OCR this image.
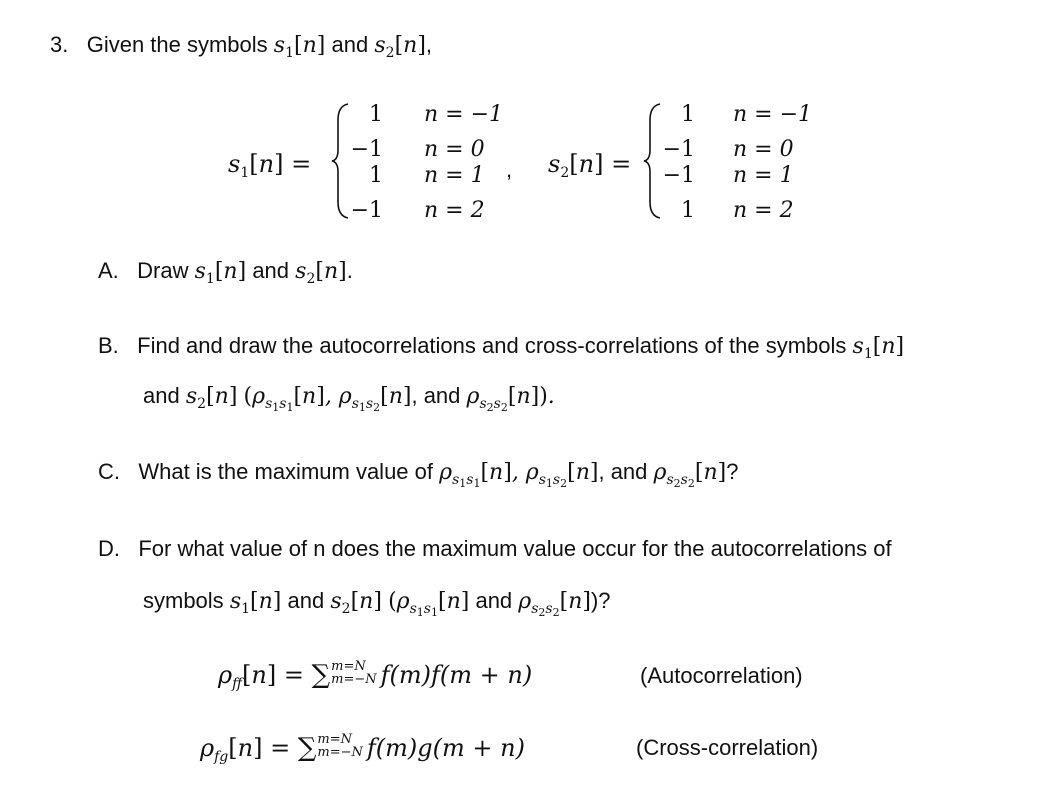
3. Given the symbols $s_1[n]$ and $s_2[n]$,
$s_1[n]$ =
1
−1
1
−1
n = −1
n = 0
n = 1
n = 2
, $s_2[n]$ =
1
−1
−1
1
n = −1
n = 0
n = 1
n = 2
A. Draw $s_1[n]$ and $s_2[n]$.
B. Find and draw the autocorrelations and cross-correlations of the symbols $s_1[n]$
and $s_2[n]$ ($\rho_{s_1s_1}[n]$, $\rho_{s_1s_2}[n]$, and $\rho_{s_2s_2}[n]$).
C. What is the maximum value of $\rho_{s_1s_1}[n]$, $\rho_{s_1s_2}[n]$, and $\rho_{s_2s_2}[n]$?
D. For what value of n does the maximum value occur for the autocorrelations of
symbols $s_1[n]$ and $s_2[n]$ ($\rho_{s_1s_1}[n]$ and $\rho_{s_2s_2}[n]$)?
$\rho_{ff}[n]$ = ∑ m=N
m=−N f(m)f(m + n)	(Autocorrelation)
$\rho_{fg}[n]$ = ∑ m=N
m=−N f(m)g(m + n)	(Cross-correlation)
